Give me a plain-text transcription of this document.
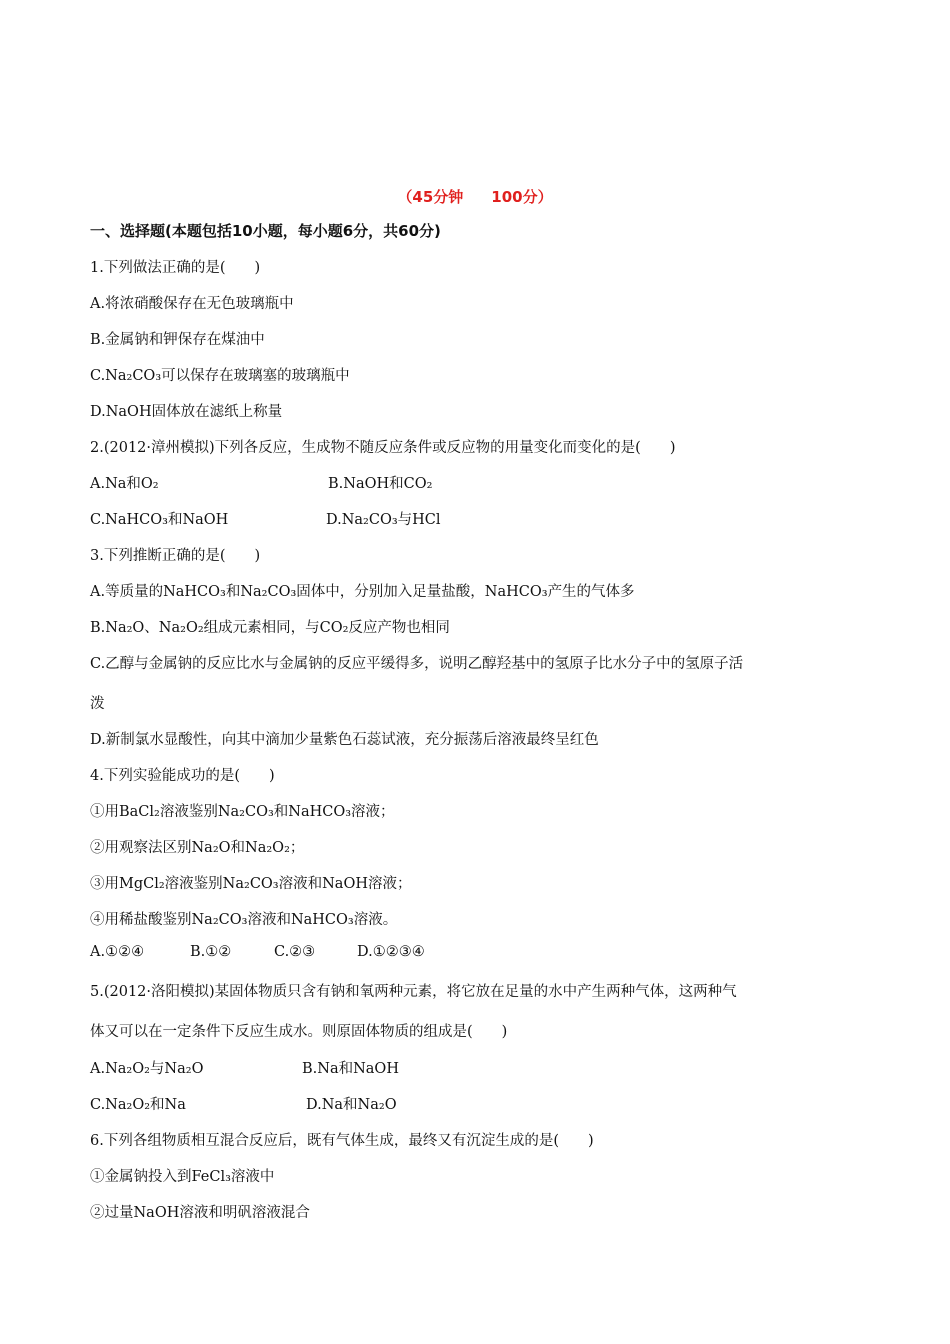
（45分钟 100分）
一、选择题(本题包括10小题，每小题6分，共60分)
1.下列做法正确的是(　　)
A.将浓硝酸保存在无色玻璃瓶中
B.金属钠和钾保存在煤油中
C.Na₂CO₃可以保存在玻璃塞的玻璃瓶中
D.NaOH固体放在滤纸上称量
2.(2012·漳州模拟)下列各反应，生成物不随反应条件或反应物的用量变化而变化的是(　　)
A.Na和O₂	B.NaOH和CO₂
C.NaHCO₃和NaOH	D.Na₂CO₃与HCl
3.下列推断正确的是(　　)
A.等质量的NaHCO₃和Na₂CO₃固体中，分别加入足量盐酸，NaHCO₃产生的气体多
B.Na₂O、Na₂O₂组成元素相同，与CO₂反应产物也相同
C.乙醇与金属钠的反应比水与金属钠的反应平缓得多，说明乙醇羟基中的氢原子比水分子中的氢原子活
泼
D.新制氯水显酸性，向其中滴加少量紫色石蕊试液，充分振荡后溶液最终呈红色
4.下列实验能成功的是(　　)
①用BaCl₂溶液鉴别Na₂CO₃和NaHCO₃溶液；
②用观察法区别Na₂O和Na₂O₂；
③用MgCl₂溶液鉴别Na₂CO₃溶液和NaOH溶液；
④用稀盐酸鉴别Na₂CO₃溶液和NaHCO₃溶液。
A.①②④	B.①②	C.②③	D.①②③④
5.(2012·洛阳模拟)某固体物质只含有钠和氧两种元素，将它放在足量的水中产生两种气体，这两种气
体又可以在一定条件下反应生成水。则原固体物质的组成是(　　)
A.Na₂O₂与Na₂O	B.Na和NaOH
C.Na₂O₂和Na	D.Na和Na₂O
6.下列各组物质相互混合反应后，既有气体生成，最终又有沉淀生成的是(　　)
①金属钠投入到FeCl₃溶液中
②过量NaOH溶液和明矾溶液混合
